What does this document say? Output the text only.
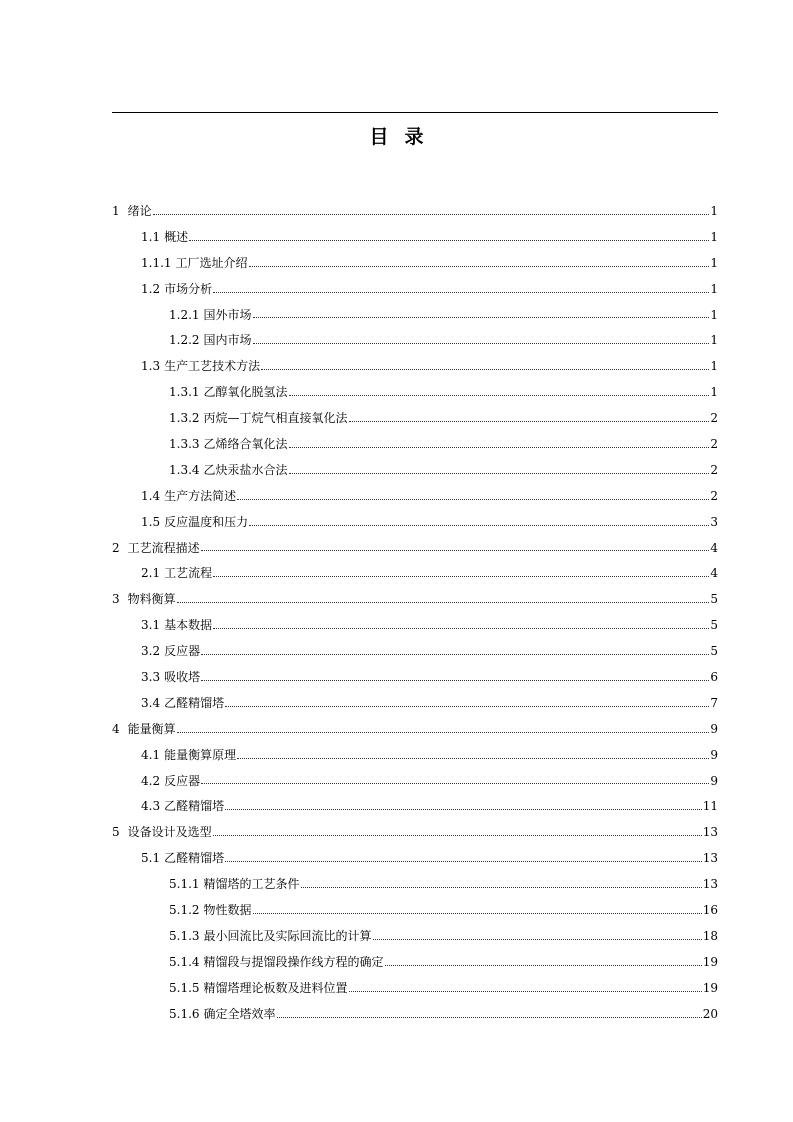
目 录
1 绪论	1
1.1 概述	1
1.1.1 工厂选址介绍	1
1.2 市场分析	1
1.2.1 国外市场	1
1.2.2 国内市场	1
1.3 生产工艺技术方法	1
1.3.1 乙醇氧化脱氢法	1
1.3.2 丙烷—丁烷气相直接氧化法	2
1.3.3 乙烯络合氧化法	2
1.3.4 乙炔汞盐水合法	2
1.4 生产方法简述	2
1.5 反应温度和压力	3
2 工艺流程描述	4
2.1 工艺流程	4
3 物料衡算	5
3.1 基本数据	5
3.2 反应器	5
3.3 吸收塔	6
3.4 乙醛精馏塔	7
4 能量衡算	9
4.1 能量衡算原理	9
4.2 反应器	9
4.3 乙醛精馏塔	11
5 设备设计及选型	13
5.1 乙醛精馏塔	13
5.1.1 精馏塔的工艺条件	13
5.1.2 物性数据	16
5.1.3 最小回流比及实际回流比的计算	18
5.1.4 精馏段与提馏段操作线方程的确定	19
5.1.5 精馏塔理论板数及进料位置	19
5.1.6 确定全塔效率	20
